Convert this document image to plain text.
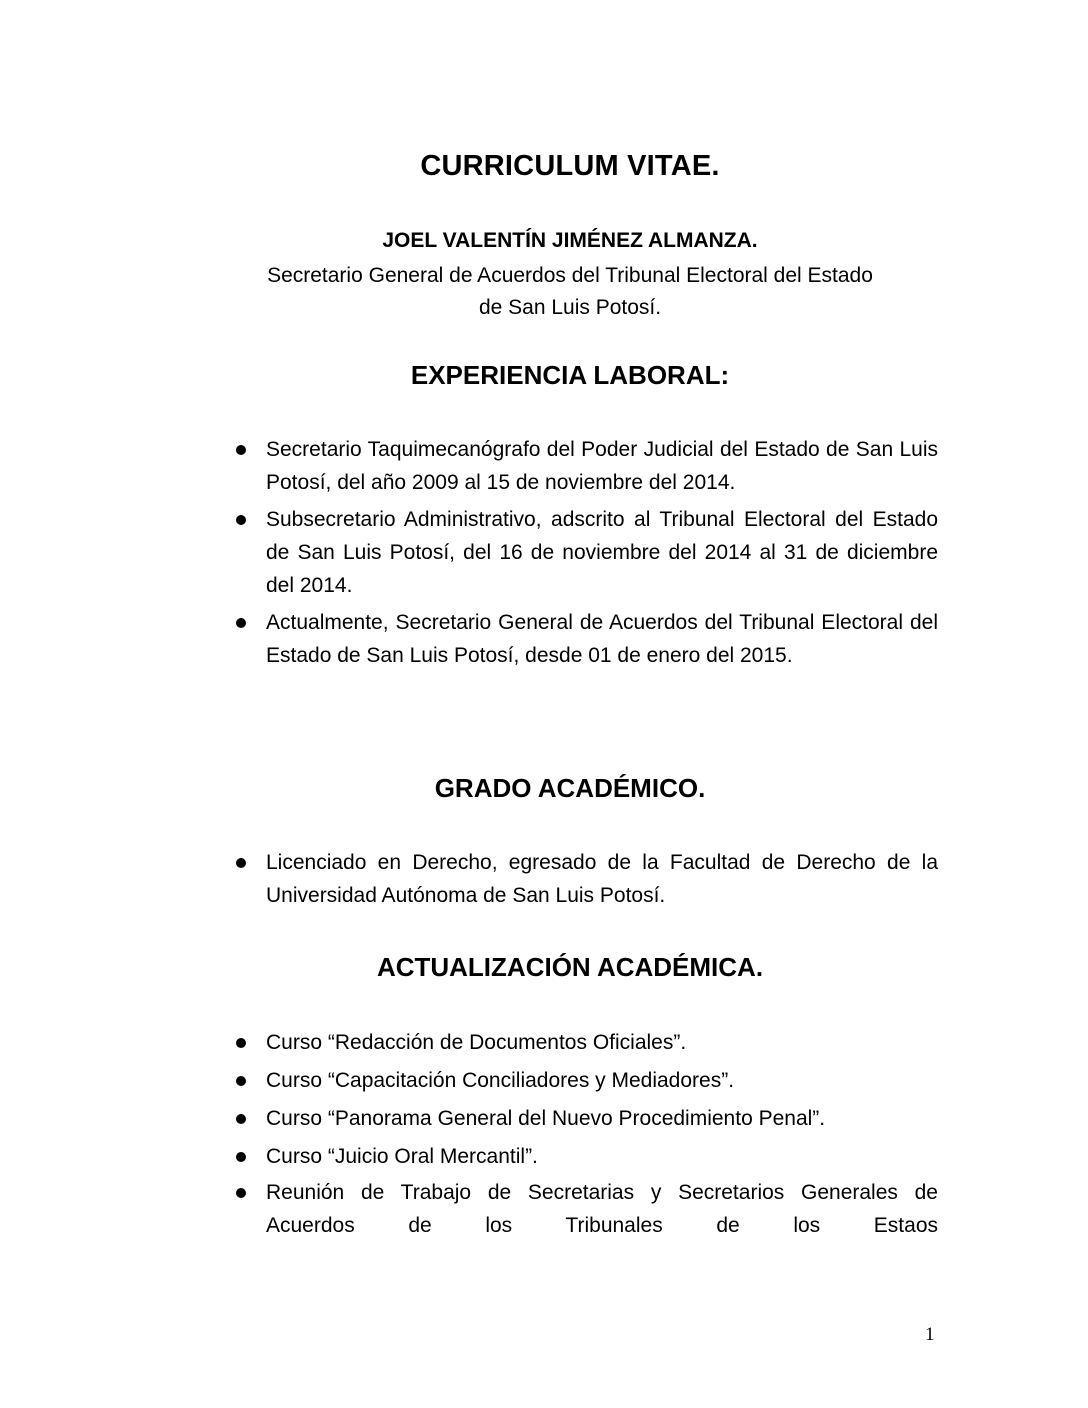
CURRICULUM VITAE.

JOEL VALENTÍN JIMÉNEZ ALMANZA.

Secretario General de Acuerdos del Tribunal Electoral del Estado
de San Luis Potosí.
EXPERIENCIA LABORAL:
Secretario Taquimecanógrafo del Poder Judicial del Estado de San Luis Potosí, del año 2009 al 15 de noviembre del 2014.
Subsecretario Administrativo, adscrito al Tribunal Electoral del Estado de San Luis Potosí, del 16 de noviembre del 2014 al 31 de diciembre del 2014.
Actualmente, Secretario General de Acuerdos del Tribunal Electoral del Estado de San Luis Potosí, desde 01 de enero del 2015.
GRADO ACADÉMICO.
Licenciado en Derecho, egresado de la Facultad de Derecho de la Universidad Autónoma de San Luis Potosí.
ACTUALIZACIÓN ACADÉMICA.
Curso “Redacción de Documentos Oficiales”.
Curso “Capacitación Conciliadores y Mediadores”.
Curso “Panorama General del Nuevo Procedimiento Penal”.
Curso “Juicio Oral Mercantil”.
Reunión de Trabajo de Secretarias y Secretarios Generales de Acuerdos de los Tribunales de los Estaos

1
